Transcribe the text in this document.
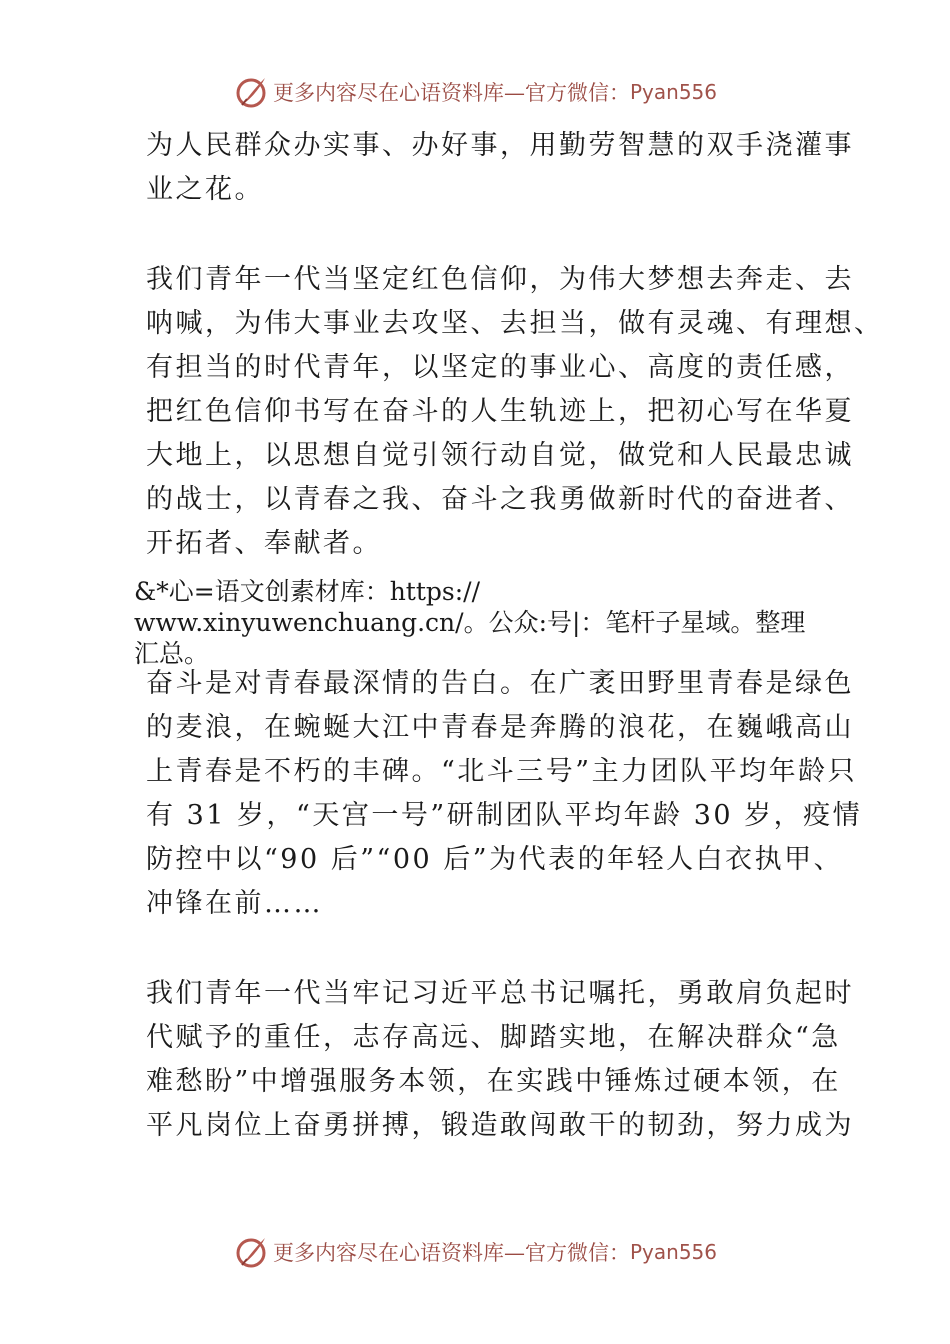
更多内容尽在心语资料库—官方微信： Pyan556
为人民群众办实事、办好事，用勤劳智慧的双手浇灌事
业之花。
我们青年一代当坚定红色信仰，为伟大梦想去奔走、去
呐喊，为伟大事业去攻坚、去担当，做有灵魂、有理想、
有担当的时代青年，以坚定的事业心、高度的责任感，
把红色信仰书写在奋斗的人生轨迹上，把初心写在华夏
大地上，以思想自觉引领行动自觉，做党和人民最忠诚
的战士，以青春之我、奋斗之我勇做新时代的奋进者、
开拓者、奉献者。
&*心=语文创素材库：https://
www.xinyuwenchuang.cn/。公众:号|：笔杆子星域。整理
汇总。
奋斗是对青春最深情的告白。在广袤田野里青春是绿色
的麦浪，在蜿蜒大江中青春是奔腾的浪花，在巍峨高山
上青春是不朽的丰碑。“北斗三号”主力团队平均年龄只
有 31 岁，“天宫一号”研制团队平均年龄 30 岁，疫情
防控中以“90 后”“00 后”为代表的年轻人白衣执甲、
冲锋在前……
我们青年一代当牢记习近平总书记嘱托，勇敢肩负起时
代赋予的重任，志存高远、脚踏实地，在解决群众“急
难愁盼”中增强服务本领，在实践中锤炼过硬本领，在
平凡岗位上奋勇拼搏，锻造敢闯敢干的韧劲，努力成为
更多内容尽在心语资料库—官方微信： Pyan556
